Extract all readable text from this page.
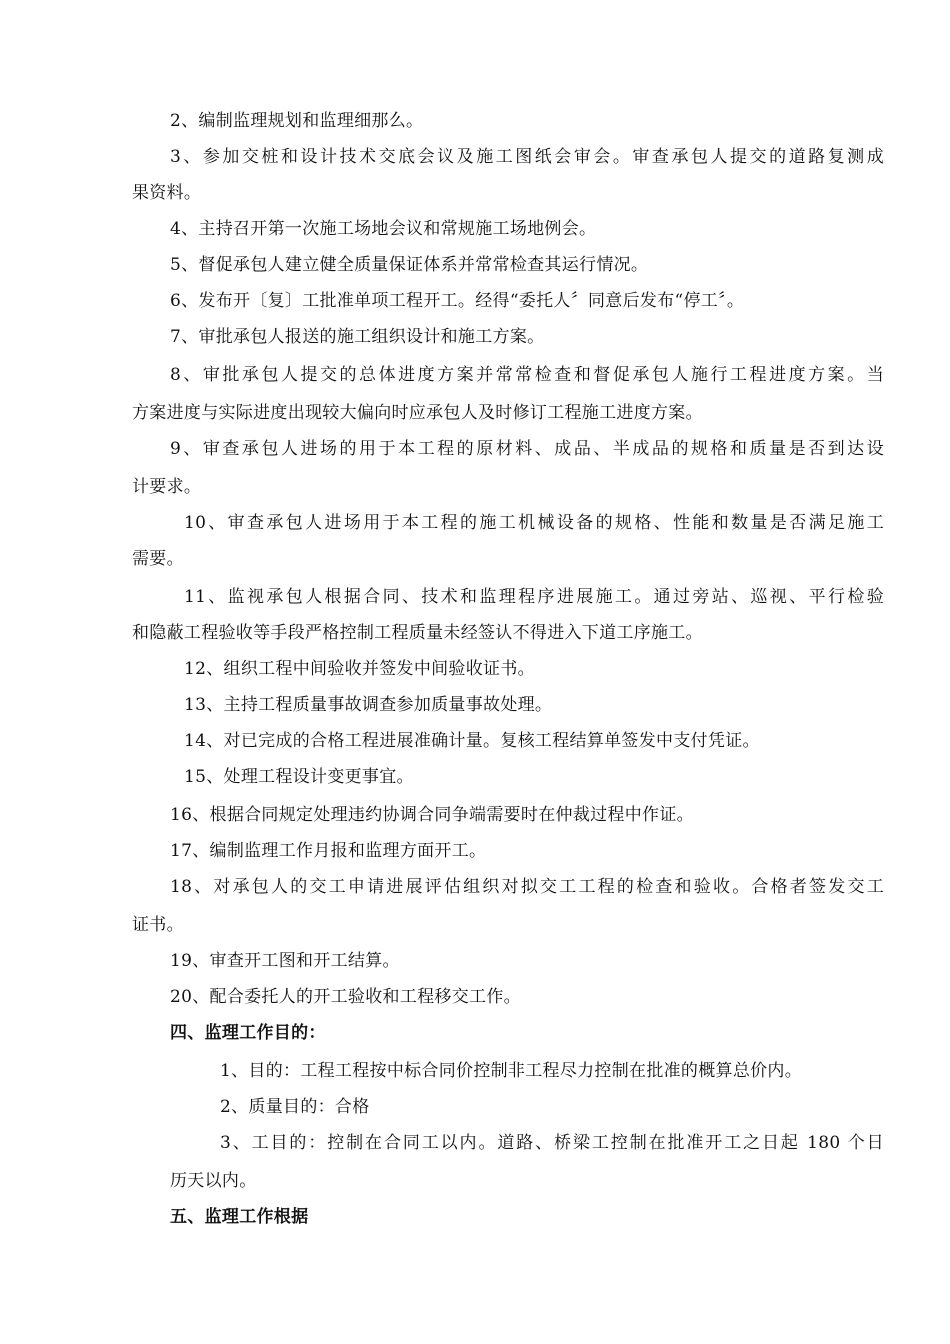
2、编制监理规划和监理细那么。
3、参加交桩和设计技术交底会议及施工图纸会审会。审查承包人提交的道路复测成
果资料。
4、主持召开第一次施工场地会议和常规施工场地例会。
5、督促承包人建立健全质量保证体系并常常检查其运行情况。
6、发布开〔复〕工批准单项工程开工。经得“委托人〞同意后发布“停工〞。
7、审批承包人报送的施工组织设计和施工方案。
8、审批承包人提交的总体进度方案并常常检查和督促承包人施行工程进度方案。当
方案进度与实际进度出现较大偏向时应承包人及时修订工程施工进度方案。
9、审查承包人进场的用于本工程的原材料、成品、半成品的规格和质量是否到达设
计要求。
10、审查承包人进场用于本工程的施工机械设备的规格、性能和数量是否满足施工
需要。
11、监视承包人根据合同、技术和监理程序进展施工。通过旁站、巡视、平行检验
和隐蔽工程验收等手段严格控制工程质量未经签认不得进入下道工序施工。
12、组织工程中间验收并签发中间验收证书。
13、主持工程质量事故调查参加质量事故处理。
14、对已完成的合格工程进展准确计量。复核工程结算单签发中支付凭证。
15、处理工程设计变更事宜。
16、根据合同规定处理违约协调合同争端需要时在仲裁过程中作证。
17、编制监理工作月报和监理方面开工。
18、对承包人的交工申请进展评估组织对拟交工工程的检查和验收。合格者签发交工
证书。
19、审查开工图和开工结算。
20、配合委托人的开工验收和工程移交工作。
四、监理工作目的：
1、目的：工程工程按中标合同价控制非工程尽力控制在批准的概算总价内。
2、质量目的：合格
3、工目的：控制在合同工以内。道路、桥梁工控制在批准开工之日起 180 个日
历天以内。
五、监理工作根据
